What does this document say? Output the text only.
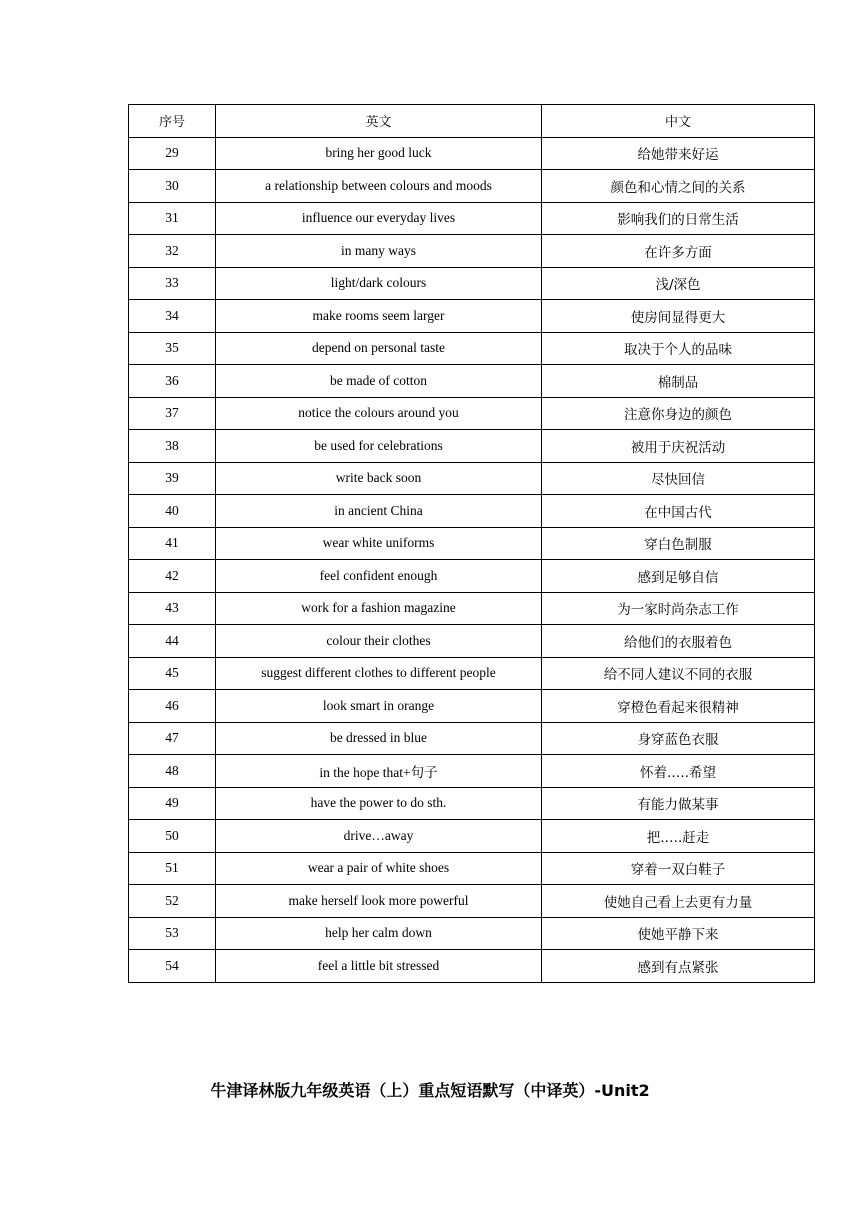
序号	英文	中文
29	bring her good luck	给她带来好运
30	a relationship between colours and moods	颜色和心情之间的关系
31	influence our everyday lives	影响我们的日常生活
32	in many ways	在许多方面
33	light/dark colours	浅/深色
34	make rooms seem larger	使房间显得更大
35	depend on personal taste	取决于个人的品味
36	be made of cotton	棉制品
37	notice the colours around you	注意你身边的颜色
38	be used for celebrations	被用于庆祝活动
39	write back soon	尽快回信
40	in ancient China	在中国古代
41	wear white uniforms	穿白色制服
42	feel confident enough	感到足够自信
43	work for a fashion magazine	为一家时尚杂志工作
44	colour their clothes	给他们的衣服着色
45	suggest different clothes to different people	给不同人建议不同的衣服
46	look smart in orange	穿橙色看起来很精神
47	be dressed in blue	身穿蓝色衣服
48	in the hope that+句子	怀着.….希望
49	have the power to do sth.	有能力做某事
50	drive…away	把.….赶走
51	wear a pair of white shoes	穿着一双白鞋子
52	make herself look more powerful	使她自己看上去更有力量
53	help her calm down	使她平静下来
54	feel a little bit stressed	感到有点紧张
牛津译林版九年级英语（上）重点短语默写（中译英）-Unit2
